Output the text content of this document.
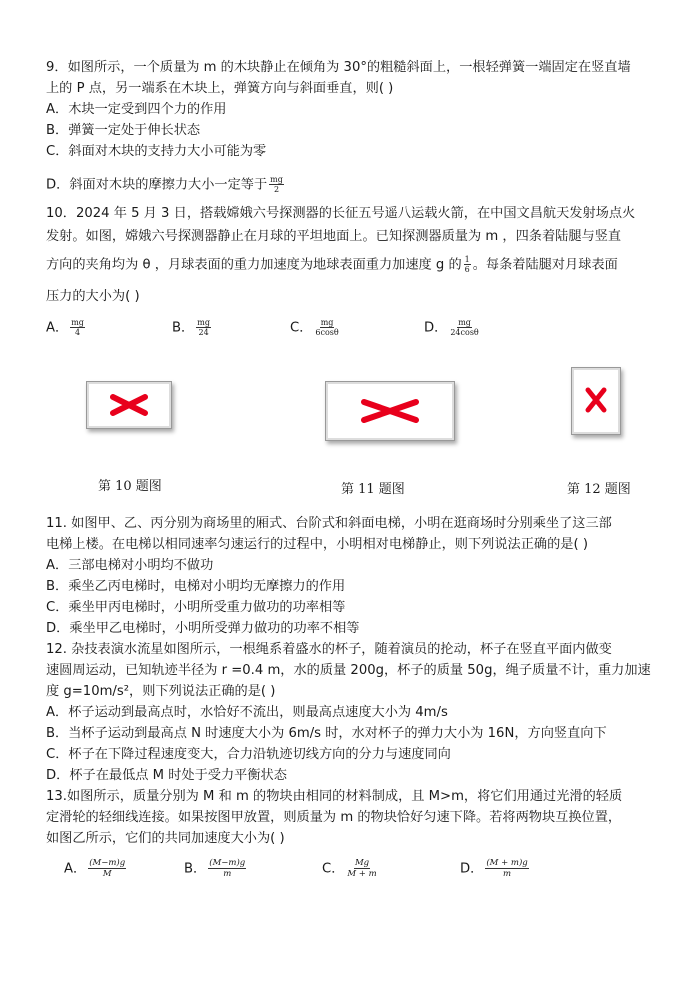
9．如图所示，一个质量为 m 的木块静止在倾角为 30°的粗糙斜面上，一根轻弹簧一端固定在竖直墙
上的 P 点，另一端系在木块上，弹簧方向与斜面垂直，则( )
A．木块一定受到四个力的作用
B．弹簧一定处于伸长状态
C．斜面对木块的支持力大小可能为零
D．斜面对木块的摩擦力大小一定等于 $\frac{mg}{2}$
10．2024 年 5 月 3 日，搭载嫦娥六号探测器的长征五号遥八运载火箭，在中国文昌航天发射场点火
发射。如图，嫦娥六号探测器静止在月球的平坦地面上。已知探测器质量为 m ，四条着陆腿与竖直
方向的夹角均为 θ ，月球表面的重力加速度为地球表面重力加速度 g 的 $\frac{1}{6}$ 。每条着陆腿对月球表面
压力的大小为( )
A． $\frac{mg}{4}$	B． $\frac{mg}{24}$	C． $\frac{mg}{6\cos\theta}$	D． $\frac{mg}{24\cos\theta}$
第 10 题图	第 11 题图	第 12 题图
11. 如图甲、乙、丙分别为商场里的厢式、台阶式和斜面电梯，小明在逛商场时分别乘坐了这三部
电梯上楼。在电梯以相同速率匀速运行的过程中，小明相对电梯静止，则下列说法正确的是( )
A．三部电梯对小明均不做功
B．乘坐乙丙电梯时，电梯对小明均无摩擦力的作用
C．乘坐甲丙电梯时，小明所受重力做功的功率相等
D．乘坐甲乙电梯时，小明所受弹力做功的功率不相等
12. 杂技表演水流星如图所示，一根绳系着盛水的杯子，随着演员的抡动，杯子在竖直平面内做变
速圆周运动，已知轨迹半径为 r =0.4 m，水的质量 200g，杯子的质量 50g，绳子质量不计，重力加速
度 g=10m/s²，则下列说法正确的是( )
A．杯子运动到最高点时，水恰好不流出，则最高点速度大小为 4m/s
B．当杯子运动到最高点 N 时速度大小为 6m/s 时，水对杯子的弹力大小为 16N，方向竖直向下
C．杯子在下降过程速度变大，合力沿轨迹切线方向的分力与速度同向
D．杯子在最低点 M 时处于受力平衡状态
13.如图所示，质量分别为 M 和 m 的物块由相同的材料制成，且 M>m，将它们用通过光滑的轻质
定滑轮的轻细线连接。如果按图甲放置，则质量为 m 的物块恰好匀速下降。若将两物块互换位置，
如图乙所示，它们的共同加速度大小为( )
A． $\frac{(M-m)g}{M}$	B． $\frac{(M-m)g}{m}$	C． $\frac{Mg}{M + m}$	D． $\frac{(M + m)g}{m}$
